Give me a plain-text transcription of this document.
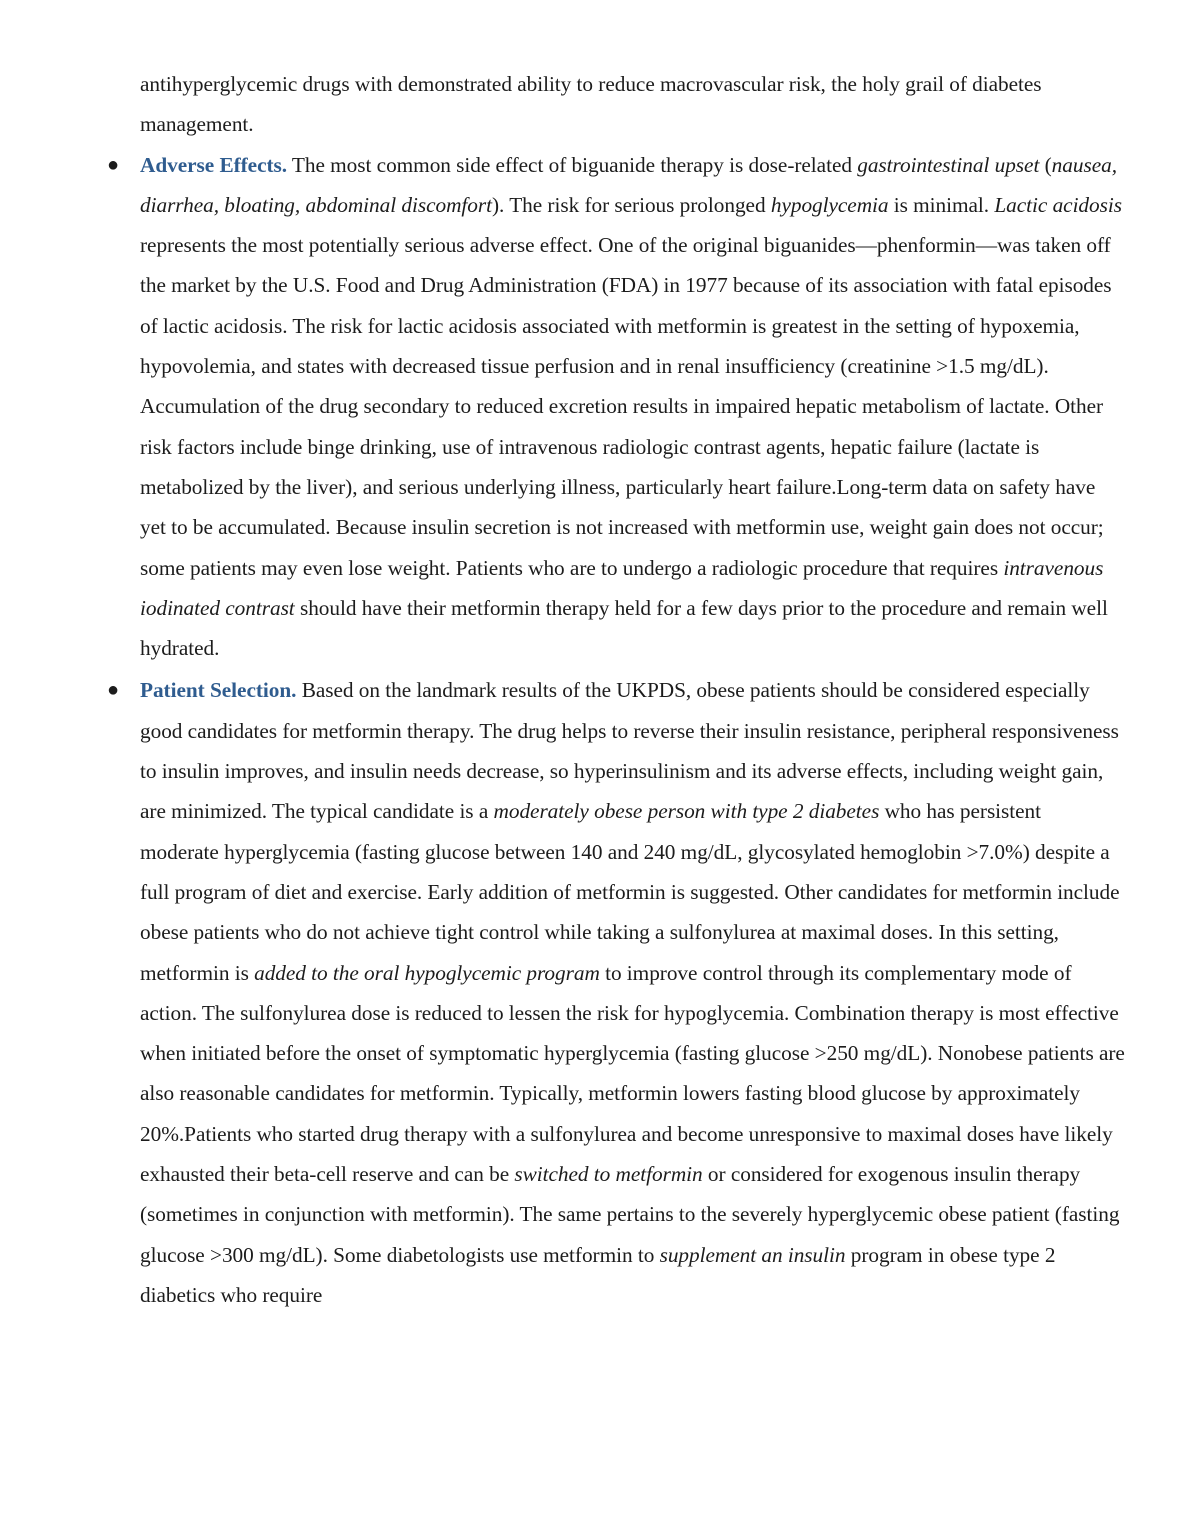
antihyperglycemic drugs with demonstrated ability to reduce macrovascular risk, the holy grail of diabetes management.

● Adverse Effects. The most common side effect of biguanide therapy is dose-related gastrointestinal upset (nausea, diarrhea, bloating, abdominal discomfort). The risk for serious prolonged hypoglycemia is minimal. Lactic acidosis represents the most potentially serious adverse effect. One of the original biguanides—phenformin—was taken off the market by the U.S. Food and Drug Administration (FDA) in 1977 because of its association with fatal episodes of lactic acidosis. The risk for lactic acidosis associated with metformin is greatest in the setting of hypoxemia, hypovolemia, and states with decreased tissue perfusion and in renal insufficiency (creatinine >1.5 mg/dL). Accumulation of the drug secondary to reduced excretion results in impaired hepatic metabolism of lactate. Other risk factors include binge drinking, use of intravenous radiologic contrast agents, hepatic failure (lactate is metabolized by the liver), and serious underlying illness, particularly heart failure.Long-term data on safety have yet to be accumulated. Because insulin secretion is not increased with metformin use, weight gain does not occur; some patients may even lose weight. Patients who are to undergo a radiologic procedure that requires intravenous iodinated contrast should have their metformin therapy held for a few days prior to the procedure and remain well hydrated.

● Patient Selection. Based on the landmark results of the UKPDS, obese patients should be considered especially good candidates for metformin therapy. The drug helps to reverse their insulin resistance, peripheral responsiveness to insulin improves, and insulin needs decrease, so hyperinsulinism and its adverse effects, including weight gain, are minimized. The typical candidate is a moderately obese person with type 2 diabetes who has persistent moderate hyperglycemia (fasting glucose between 140 and 240 mg/dL, glycosylated hemoglobin >7.0%) despite a full program of diet and exercise. Early addition of metformin is suggested. Other candidates for metformin include obese patients who do not achieve tight control while taking a sulfonylurea at maximal doses. In this setting, metformin is added to the oral hypoglycemic program to improve control through its complementary mode of action. The sulfonylurea dose is reduced to lessen the risk for hypoglycemia. Combination therapy is most effective when initiated before the onset of symptomatic hyperglycemia (fasting glucose >250 mg/dL). Nonobese patients are also reasonable candidates for metformin. Typically, metformin lowers fasting blood glucose by approximately 20%.Patients who started drug therapy with a sulfonylurea and become unresponsive to maximal doses have likely exhausted their beta-cell reserve and can be switched to metformin or considered for exogenous insulin therapy (sometimes in conjunction with metformin). The same pertains to the severely hyperglycemic obese patient (fasting glucose >300 mg/dL). Some diabetologists use metformin to supplement an insulin program in obese type 2 diabetics who require
